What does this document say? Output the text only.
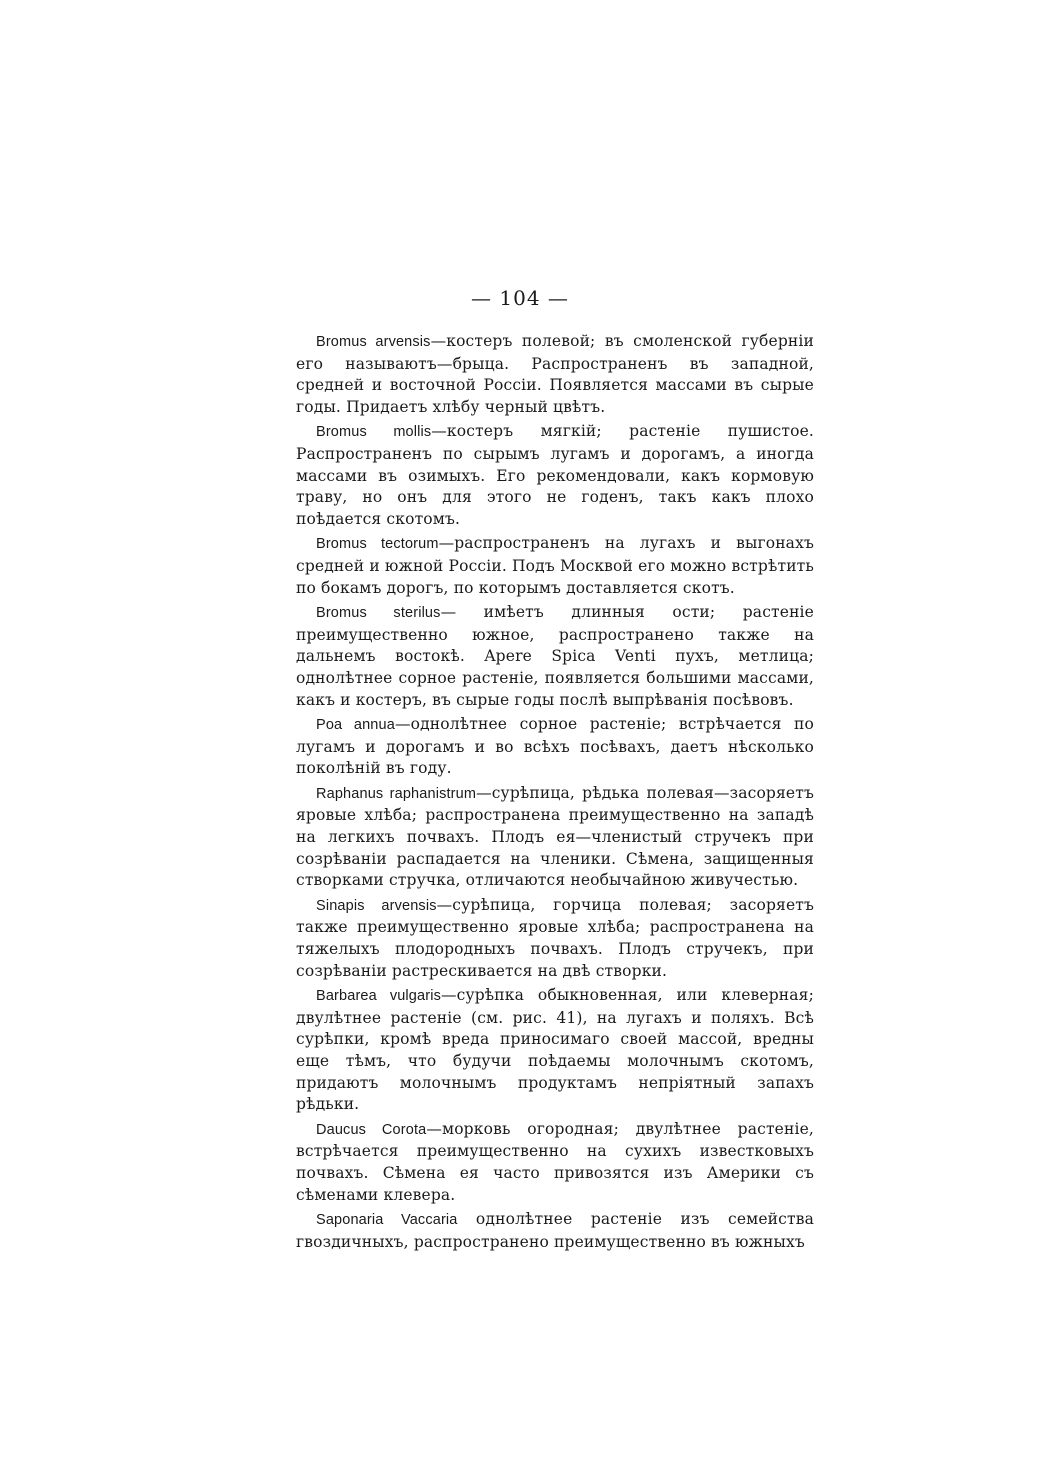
— 104 —

Bromus arvensis—костеръ полевой; въ смоленской губерніи его называютъ—брыца. Распространенъ въ западной, средней и восточной Россіи. Появляется массами въ сырые годы. Придаетъ хлѣбу черный цвѣтъ.

Bromus mollis—костеръ мягкій; растеніе пушистое. Распространенъ по сырымъ лугамъ и дорогамъ, а иногда массами въ озимыхъ. Его рекомендовали, какъ кормовую траву, но онъ для этого не годенъ, такъ какъ плохо поѣдается скотомъ.

Bromus tectorum—распространенъ на лугахъ и выгонахъ средней и южной Россіи. Подъ Москвой его можно встрѣтить по бокамъ дорогъ, по которымъ доставляется скотъ.

Bromus sterilus— имѣетъ длинныя ости; растеніе преимущественно южное, распространено также на дальнемъ востокѣ. Apere Spica Venti пухъ, метлица; однолѣтнее сорное растеніе, появляется большими массами, какъ и костеръ, въ сырые годы послѣ выпрѣванія посѣвовъ.

Poa annua—однолѣтнее сорное растеніе; встрѣчается по лугамъ и дорогамъ и во всѣхъ посѣвахъ, даетъ нѣсколько поколѣній въ году.

Raphanus raphanistrum—сурѣпица, рѣдька полевая—засоряетъ яровые хлѣба; распространена преимущественно на западѣ на легкихъ почвахъ. Плодъ ея—членистый стручекъ при созрѣваніи распадается на членики. Сѣмена, защищенныя створками стручка, отличаются необычайною живучестью.

Sinapis arvensis—сурѣпица, горчица полевая; засоряетъ также преимущественно яровые хлѣба; распространена на тяжелыхъ плодородныхъ почвахъ. Плодъ стручекъ, при созрѣваніи растрескивается на двѣ створки.

Barbarea vulgaris—сурѣпка обыкновенная, или клеверная; двулѣтнее растеніе (см. рис. 41), на лугахъ и поляхъ. Всѣ сурѣпки, кромѣ вреда приносимаго своей массой, вредны еще тѣмъ, что будучи поѣдаемы молочнымъ скотомъ, придаютъ молочнымъ продуктамъ непріятный запахъ рѣдьки.

Daucus Corota—морковь огородная; двулѣтнее растеніе, встрѣчается преимущественно на сухихъ известковыхъ почвахъ. Сѣмена ея часто привозятся изъ Америки съ сѣменами клевера.

Saponaria Vaccaria однолѣтнее растеніе изъ семейства гвоздичныхъ, распространено преимущественно въ южныхъ
